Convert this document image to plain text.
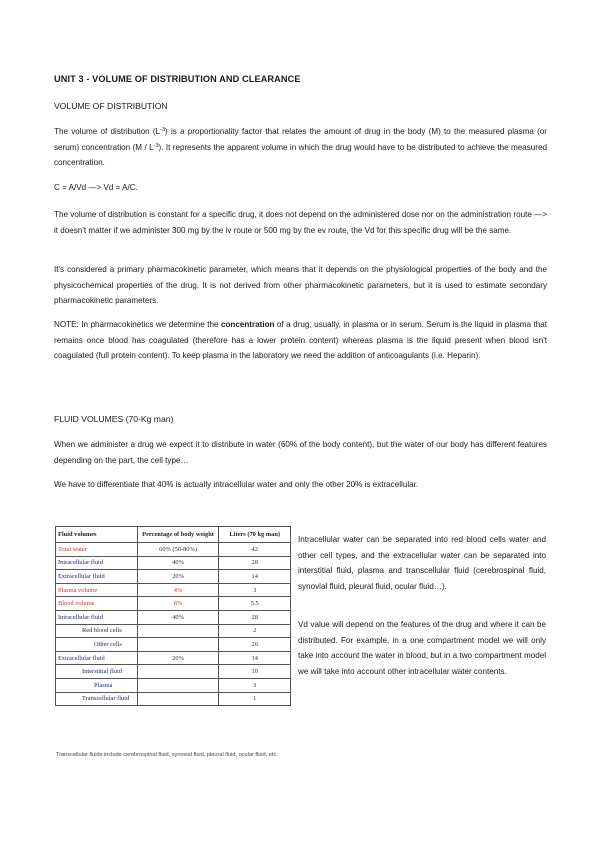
UNIT 3 - VOLUME OF DISTRIBUTION AND CLEARANCE
VOLUME OF DISTRIBUTION

The volume of distribution $(L^{-3})$ is a proportionality factor that relates the amount of drug in the body (M) to the measured plasma (or serum) concentration $(M / L^{-3})$. It represents the apparent volume in which the drug would have to be distributed to achieve the measured concentration.

C = A/Vd —> Vd = A/C.

The volume of distribution is constant for a specific drug, it does not depend on the administered dose nor on the administration route —> it doesn't matter if we administer 300 mg by the iv route or 500 mg by the ev route, the Vd for this specific drug will be the same.

It's considered a primary pharmacokinetic parameter, which means that it depends on the physiological properties of the body and the physicochemical properties of the drug. It is not derived from other pharmacokinetic parameters, but it is used to estimate secondary pharmacokinetic parameters.

NOTE: In pharmacokinetics we determine the concentration of a drug, usually, in plasma or in serum. Serum is the liquid in plasma that remains once blood has coagulated (therefore has a lower protein content) whereas plasma is the liquid present when blood isn't coagulated (full protein content). To keep plasma in the laboratory we need the addition of anticoagulants (i.e. Heparin).

FLUID VOLUMES (70-Kg man)

When we administer a drug we expect it to distribute in water (60% of the body content), but the water of our body has different features depending on the part, the cell type…

We have to differentiate that 40% is actually intracellular water and only the other 20% is extracellular.

Fluid volumes	Percentage of body weight	Liters (70 kg man)
Total water	60% (50-80%)	42
Intracellular fluid	40%	28
Extracellular fluid	20%	14
Plasma volume	4%	3
Blood volume	8%	5.5
Intracellular fluid	40%	28
Red blood cells		2
Other cells		26
Extracellular fluid	20%	14
Interstitial fluid		10
Plasma		3
Transcellular fluid		1
Transcellular fluids include cerebrospinal fluid, synovial fluid, pleural fluid, ocular fluid, etc.

Intracellular water can be separated into red blood cells water and other cell types, and the extracellular water can be separated into interstitial fluid, plasma and transcellular fluid (cerebrospinal fluid, synovial fluid, pleural fluid, ocular fluid…).

Vd value will depend on the features of the drug and where it can be distributed. For example, in a one compartment model we will only take into account the water in blood, but in a two compartment model we will take into account other intracellular water contents.
